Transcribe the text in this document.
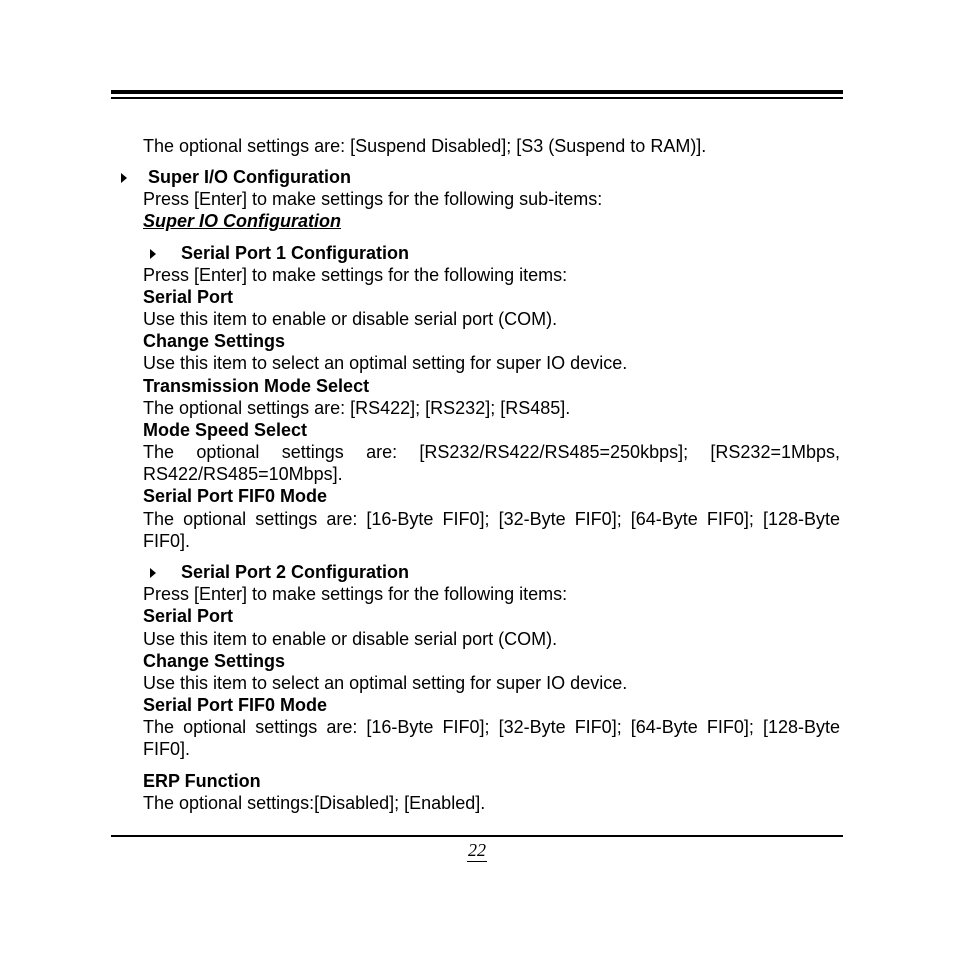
The optional settings are: [Suspend Disabled]; [S3 (Suspend to RAM)].
Super I/O Configuration
Press [Enter] to make settings for the following sub-items:
Super IO Configuration
Serial Port 1 Configuration
Press [Enter] to make settings for the following items:
Serial Port
Use this item to enable or disable serial port (COM).
Change Settings
Use this item to select an optimal setting for super IO device.
Transmission Mode Select
The optional settings are: [RS422]; [RS232]; [RS485].
Mode Speed Select
The optional settings are: [RS232/RS422/RS485=250kbps]; [RS232=1Mbps,
RS422/RS485=10Mbps].
Serial Port FIF0 Mode
The optional settings are: [16-Byte FIF0]; [32-Byte FIF0]; [64-Byte FIF0]; [128-Byte
FIF0].
Serial Port 2 Configuration
Press [Enter] to make settings for the following items:
Serial Port
Use this item to enable or disable serial port (COM).
Change Settings
Use this item to select an optimal setting for super IO device.
Serial Port FIF0 Mode
The optional settings are: [16-Byte FIF0]; [32-Byte FIF0]; [64-Byte FIF0]; [128-Byte
FIF0].
ERP Function
The optional settings:[Disabled]; [Enabled].
22
